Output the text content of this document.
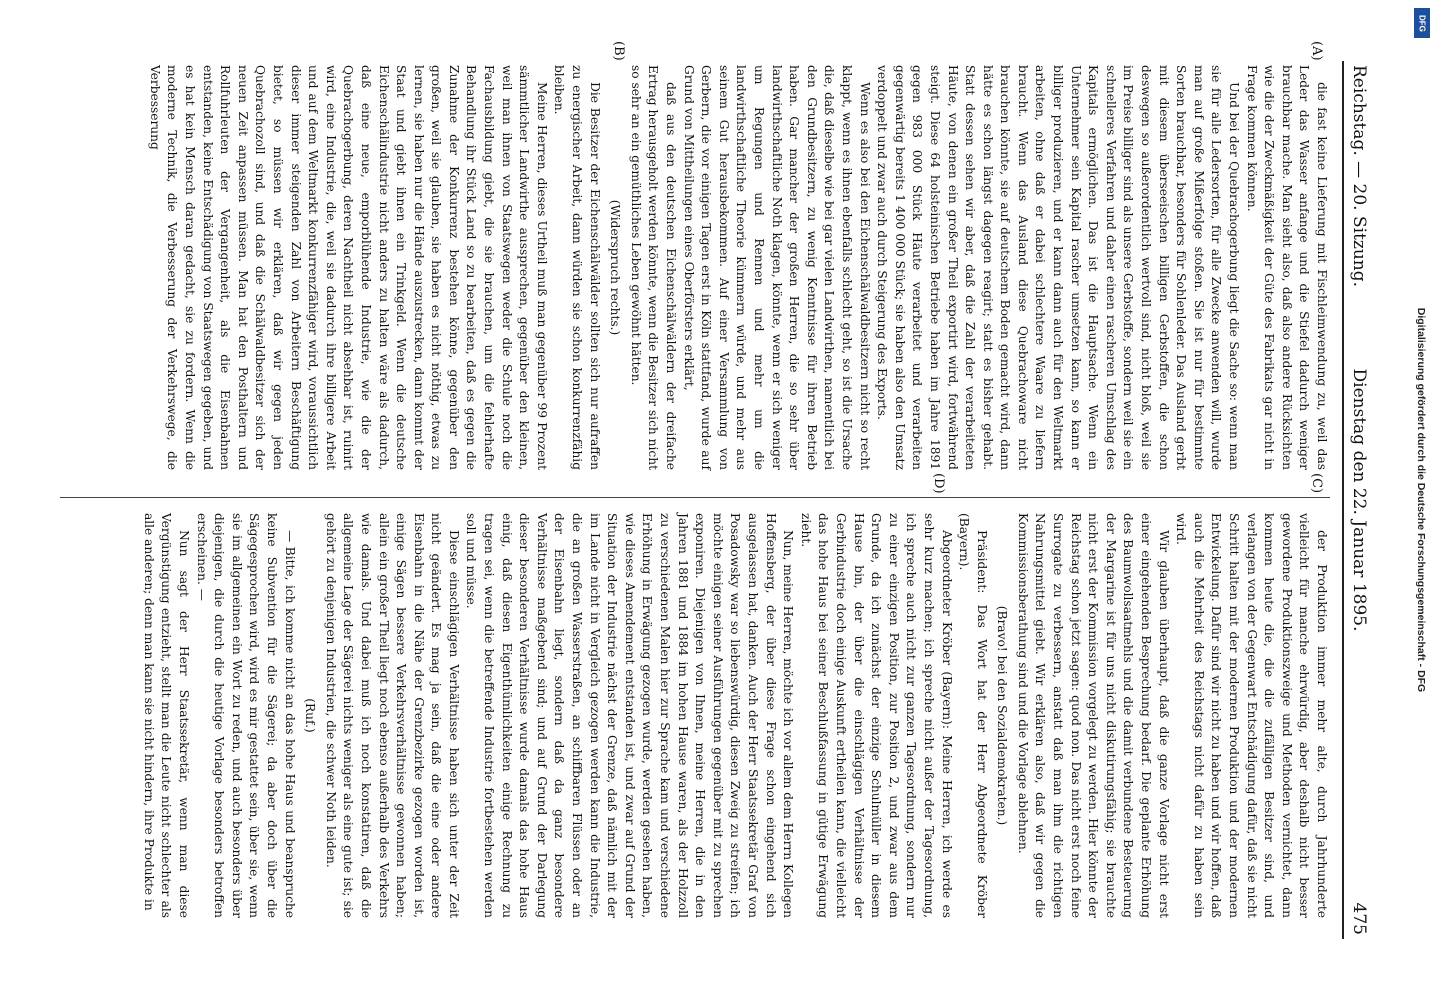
Reichstag. — 20. Sitzung.
Dienstag den 22. Januar 1895.
475
(A)
(B)
(C)
(D)

die fast keine Lieferung mit Fischleimwendung zu, weil das Leder das Wasser anfange und die Stiefel dadurch weniger brauchbar mache. Man sieht also, daß also andere Rücksichten wie die der Zweckmäßigkeit der Güte des Fabrikats gar nicht in Frage kommen können.

Und bei der Quebrachogerbung liegt die Sache so: wenn man sie für alle Ledersorten, für alle Zwecke anwenden will, wurde man auf große Mißerfolge stoßen. Sie ist nur für bestimmte Sorten brauchbar, besonders für Sohlenleder. Das Ausland gerbt mit diesem überseeischen billigen Gerbstoffen, die schon deswegen so außerordentlich wertvoll sind, nicht bloß, weil sie im Preise billiger sind als unsere Gerbstoffe, sondern weil sie ein schnelleres Verfahren und daher einen rascheren Umschlag des Kapitals ermöglichen. Das ist die Hauptsache. Wenn ein Unternehmer sein Kapital rascher umsetzen kann, so kann er billiger produzieren, und er kann dann auch für den Weltmarkt arbeiten, ohne daß er dabei schlechtere Waare zu liefern braucht. Wenn das Ausland diese Quebrachoware nicht brauchen könnte, sie auf deutschem Boden gemacht wird, dann hätte es schon längst dagegen reagirt; statt es bisher gehabt. Statt dessen sehen wir aber, daß die Zahl der verarbeiteten Häute, von denen ein großer Theil exportirt wird, fortwährend steigt. Diese 64 holsteinischen Betriebe haben im Jahre 1891 gegen 983 000 Stück Häute verarbeitet und verarbeiten gegenwärtig bereits 1 400 000 Stück; sie haben also den Umsatz verdoppelt und zwar auch durch Steigerung des Exports.

Wenn es also bei den Eichenschälwaldbesitzern nicht so recht klappt, wenn es ihnen ebenfalls schlecht geht, so ist die Ursache die, daß dieselbe wie bei gar vielen Landwirthen, namentlich bei den Grundbesitzern, zu wenig Kenntnisse für ihren Betrieb haben. Gar mancher der großen Herren, die so sehr über landwirthschaftliche Noth klagen, könnte, wenn er sich weniger um Regungen und Rennen und mehr um die landwirthschaftliche Theorie kümmern würde, und mehr aus seinem Gut herausbekommen. Auf einer Versammlung von Gerbern, die vor einigen Tagen erst in Köln stattfand, wurde auf Grund von Mittheilungen eines Oberförsters erklärt,

daß aus den deutschen Eichenschälwäldern der dreifache Ertrag herausgeholt werden könnte, wenn die Besitzer sich nicht so sehr an ein gemüthliches Leben gewöhnt hätten.

(Widerspruch rechts.)

Die Besitzer der Eichenschälwälder sollten sich nur aufraffen zu energischer Arbeit, dann würden sie schon konkurrenzfähig bleiben.

Meine Herren, dieses Urtheil muß man gegenüber 99 Prozent sämmtlicher Landwirthe aussprechen, gegenüber den kleinen, weil man ihnen von Staatswegen weder die Schule noch die Fachausbildung giebt, die sie brauchen, um die fehlerhafte Behandlung ihr Stück Land so zu bearbeiten, daß es gegen die Zunahme der Konkurrenz bestehen könne, gegenüber den großen, weil sie glauben, sie haben es nicht nöthig, etwas zu lernen, sie haben nur die Hände auszustrecken, dann kommt der Staat und giebt ihnen ein Trinkgeld. Wenn die deutsche Eichenschälindustrie nicht anders zu halten wäre als dadurch, daß eine neue, emporblühende Industrie, wie die der Quebrachogerbung, deren Nachtheil nicht absehbar ist, ruinirt wird, eine Industrie, die, weil sie dadurch ihre billigere Arbeit und auf dem Weltmarkt konkurrenzfähiger wird, voraussichtlich dieser immer steigenden Zahl von Arbeitern Beschäftigung bietet, so müssen wir erklären, daß wir gegen jeden Quebrachozoll sind, und daß die Schälwaldbesitzer sich der neuen Zeit anpassen müssen. Man hat den Posthaltern und Rollfuhrleuten der Vergangenheit, als die Eisenbahnen entstanden, keine Entschädigung von Staatswegen gegeben, und es hat kein Mensch daran gedacht, sie zu fordern. Wenn die moderne Technik, die Verbesserung der Verkehrswege, die Verbesserung

der Produktion immer mehr alte, durch Jahrhunderte vielleicht für manche ehrwürdig, aber deshalb nicht besser gewordene Produktionszweige und Methoden vernichtet, dann kommen heute die, die die zufälligen Besitzer sind, und verlangen von der Gegenwart Entschädigung dafür, daß sie nicht Schritt halten mit der modernen Produktion und der modernen Entwickelung. Dafür sind wir nicht zu haben und wir hoffen, daß auch die Mehrheit des Reichstags nicht dafür zu haben sein wird.

Wir glauben überhaupt, daß die ganze Vorlage nicht erst einer eingehenden Besprechung bedarf. Die geplante Erhöhung des Baumwollsaatmehls und die damit verbundene Besteuerung der Margarine ist für uns nicht diskutirungsfähig; sie brauchte nicht erst der Kommission vorgelegt zu werden. Hier könnte der Reichstag schon jetzt sagen: quod non. Das nicht erst noch feine Surrogate zu verbessern, anstatt daß man ihm die richtigen Nahrungsmittel giebt. Wir erklären also, daß wir gegen die Kommissionsberathung sind und die Vorlage ablehnen.

(Bravo! bei den Sozialdemokraten.)

Präsident: Das Wort hat der Herr Abgeordnete Kröber (Bayern).

Abgeordneter Kröber (Bayern): Meine Herren, ich werde es sehr kurz machen; ich spreche nicht außer der Tagesordnung, ich spreche auch nicht zur ganzen Tagesordnung, sondern nur zu einer einzigen Position, zur Position 2, und zwar aus dem Grunde, da ich zunächst der einzige Schulmüller in diesem Hause bin, der über die einschlägigen Verhältnisse der Gerbindustrie doch einige Auskunft ertheilen kann, die vielleicht das hohe Haus bei seiner Beschlußfassung in gütige Erwägung zieht.

Nun, meine Herren, möchte ich vor allem dem Herrn Kollegen Hoffensberg, der über diese Frage schon eingehend sich ausgelassen hat, danken. Auch der Herr Staatssekretär Graf von Posadowsky war so liebenswürdig, diesen Zweig zu streifen; ich möchte einigen seiner Ausführungen gegenüber mit zu sprechen exponiren. Diejenigen von Ihnen, meine Herren, die in den Jahren 1881 und 1884 im hohen Hause waren, als der Holzzoll zu verschiedenen Malen hier zur Sprache kam und verschiedene Erhöhung in Erwägung gezogen wurde, werden gesehen haben, wie dieses Amendement entstanden ist, und zwar auf Grund der Situation der Industrie nächst der Grenze, daß nämlich mit der im Lande nicht in Vergleich gezogen werden kann die Industrie, die an großen Wasserstraßen, an schiffbaren Flüssen oder an der Eisenbahn liegt, sondern daß da ganz besondere Verhältnisse maßgebend sind; und auf Grund der Darlegung dieser besonderen Verhältnisse wurde damals das hohe Haus einig, daß diesen Eigenthümlichkeiten einige Rechnung zu tragen sei, wenn die betreffende Industrie fortbestehen werden soll und müsse.

Diese einschlägigen Verhältnisse haben sich unter der Zeit nicht geändert. Es mag ja sein, daß die eine oder andere Eisenbahn in die Nähe der Grenzbezirke gezogen worden ist, einige Sägen bessere Verkehrsverhältnisse gewonnen haben; allein ein großer Theil liegt noch ebenso außerhalb des Verkehrs wie damals. Und dabei muß ich noch konstatiren, daß die allgemeine Lage der Sägerei nichts weniger als eine gute ist; sie gehört zu denjenigen Industrien, die schwer Noth leiden.

(Ruf.)

— Bitte, ich komme nicht an das hohe Haus und beanspruche keine Subvention für die Sägerei; da aber doch über die Sägegesprochen wird, wird es mir gestattet sein, über sie, wenn sie im allgemeinen ein Wort zu reden, und auch besonders über diejenigen, die durch die heutige Vorlage besonders betroffen erscheinen. —

Nun sagt der Herr Staatssekretär, wenn man diese Vergünstigung entzieht, stellt man die Leute nicht schlechter als alle anderen; denn man kann sie nicht hindern, ihre Produkte in

DFG
Digitalisierung gefördert durch die Deutsche Forschungsgemeinschaft - DFG
